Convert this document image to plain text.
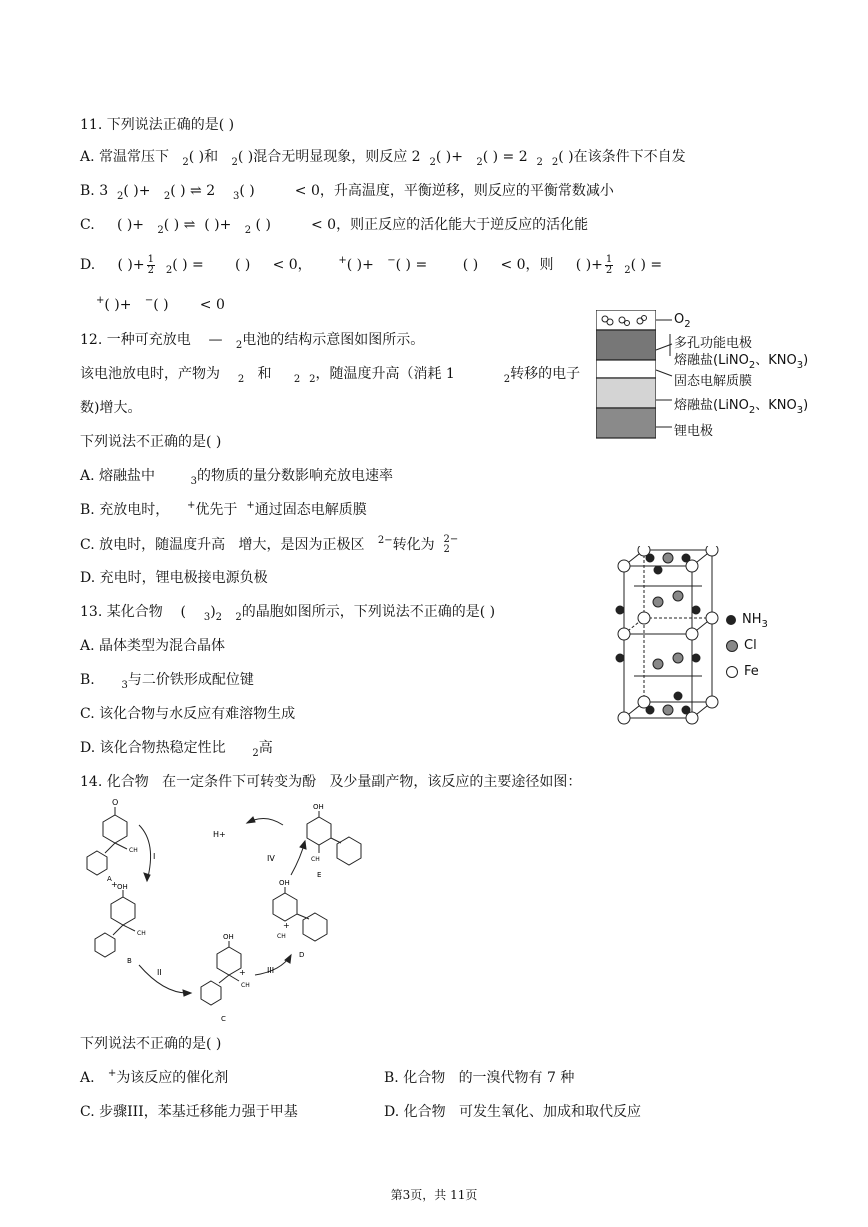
11. 下列说法正确的是( )
A. 常温常压下 $_2$( )和 $_2$( )混合无明显现象，则反应 2 $_2$( )+ $_2$( ) = 2 $_2$ $_2$( )在该条件下不自发
B. 3 $_2$( )+ $_2$( ) ⇌ 2 $_3$( )	< 0，升高温度，平衡逆移，则反应的平衡常数减小
C. ( )+ $_2$( ) ⇌ ( )+ $_2$ ( )	< 0，则正反应的活化能大于逆反应的活化能
D. ( )+ $\frac{1}{2} _2$( ) = ( ) < 0，	+( )+ −( ) =	( ) < 0，则 ( )+ $\frac{1}{2} _2$( ) =
+( )+ −( ) < 0
12. 一种可充放电 — $_2$电池的结构示意图如图所示。
该电池放电时，产物为 $_2$ 和 $_2$ $_2$，随温度升高（消耗 1	$_2$转移的电子
数)增大。
下列说法不正确的是( )
A. 熔融盐中	$_3$的物质的量分数影响充放电速率
B. 充放电时， +优先于 +通过固态电解质膜
C. 放电时，随温度升高 增大，是因为正极区 $^{2-}$转化为 2−
2
D. 充电时，锂电极接电源负极
$O_2$
多孔功能电极
熔融盐(LiNO$_2$、$KNO_3$)
固态电解质膜
熔融盐(LiNO$_2$、$KNO_3$)
锂电极
13. 某化合物 ( $_3)_2$ $_2$的晶胞如图所示，下列说法不正确的是( )
A. 晶体类型为混合晶体
B.	$_3$与二价铁形成配位键
C. 该化合物与水反应有难溶物生成
D. 该化合物热稳定性比	$_2$高
$NH_3$
Cl
Fe
14. 化合物 在一定条件下可转变为酚 及少量副产物，该反应的主要途径如图：
O
CH
A
OH
+
CH
B
OH
+
CH
C
OH
+
CH
D
OH
CH
E
H+
I
II	III
IV
下列说法不正确的是( )
A. +为该反应的催化剂	B. 化合物 的一溴代物有 7 种
C. 步骤III，苯基迁移能力强于甲基	D. 化合物 可发生氧化、加成和取代反应
第3页，共 11页
